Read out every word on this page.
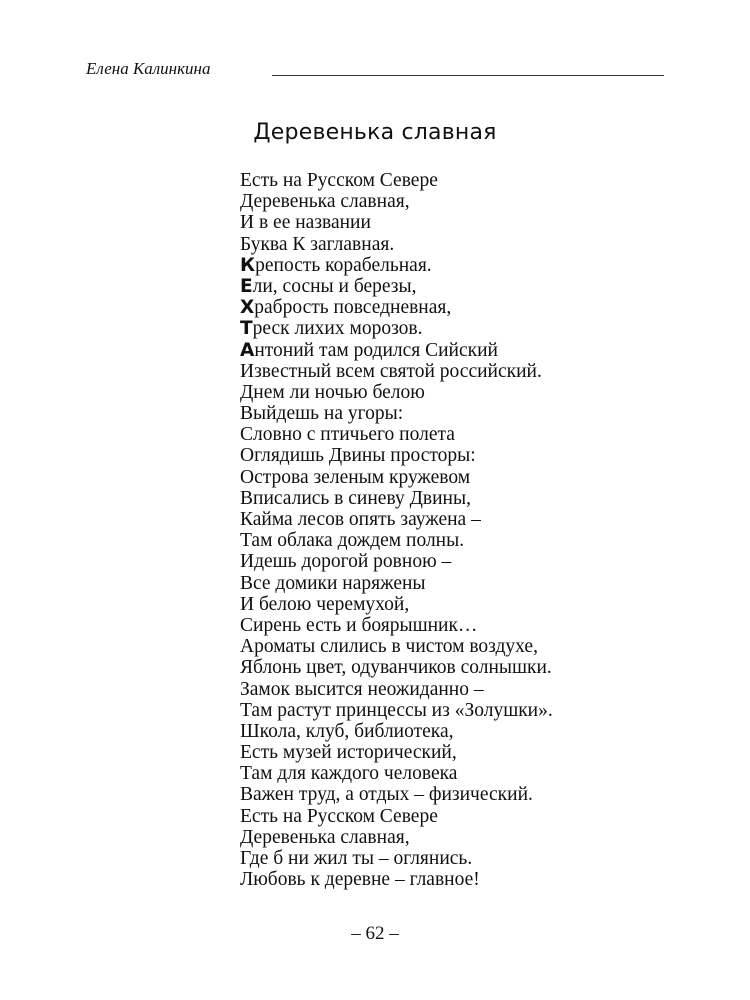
Елена Калинкина
Деревенька славная
Есть на Русском Севере
Деревенька славная,
И в ее названии
Буква К заглавная.
Крепость корабельная.
Ели, сосны и березы,
Храбрость повседневная,
Треск лихих морозов.
Антоний там родился Сийский
Известный всем святой российский.
Днем ли ночью белою
Выйдешь на угоры:
Словно с птичьего полета
Оглядишь Двины просторы:
Острова зеленым кружевом
Вписались в синеву Двины,
Кайма лесов опять заужена –
Там облака дождем полны.
Идешь дорогой ровною –
Все домики наряжены
И белою черемухой,
Сирень есть и боярышник…
Ароматы слились в чистом воздухе,
Яблонь цвет, одуванчиков солнышки.
Замок высится неожиданно –
Там растут принцессы из «Золушки».
Школа, клуб, библиотека,
Есть музей исторический,
Там для каждого человека
Важен труд, а отдых – физический.
Есть на Русском Севере
Деревенька славная,
Где б ни жил ты – оглянись.
Любовь к деревне – главное!
– 62 –
